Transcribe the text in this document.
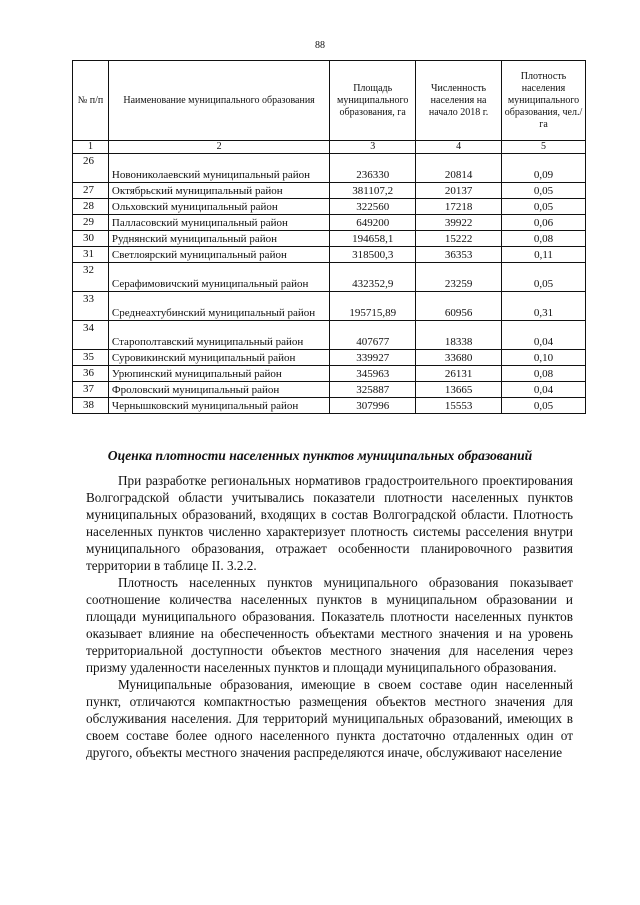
88
№ п/п	Наименование муниципального образования	Площадь муниципального образования, га	Численность населения на начало 2018 г.	Плотность населения муниципального образования, чел./га
1	2	3	4	5
26	Новониколаевский муниципальный район	236330	20814	0,09
27	Октябрьский муниципальный район	381107,2	20137	0,05
28	Ольховский муниципальный район	322560	17218	0,05
29	Палласовский муниципальный район	649200	39922	0,06
30	Руднянский муниципальный район	194658,1	15222	0,08
31	Светлоярский муниципальный район	318500,3	36353	0,11
32	Серафимовичский муниципальный район	432352,9	23259	0,05
33	Среднеахтубинский муниципальный район	195715,89	60956	0,31
34	Старополтавский муниципальный район	407677	18338	0,04
35	Суровикинский муниципальный район	339927	33680	0,10
36	Урюпинский муниципальный район	345963	26131	0,08
37	Фроловский муниципальный район	325887	13665	0,04
38	Чернышковский муниципальный район	307996	15553	0,05
Оценка плотности населенных пунктов муниципальных образований

При разработке региональных нормативов градостроительного проектирования Волгоградской области учитывались показатели плотности населенных пунктов муниципальных образований, входящих в состав Волгоградской области. Плотность населенных пунктов численно характеризует плотность системы расселения внутри муниципального образования, отражает особенности планировочного развития территории в таблице II. 3.2.2.

Плотность населенных пунктов муниципального образования показывает соотношение количества населенных пунктов в муниципальном образовании и площади муниципального образования. Показатель плотности населенных пунктов оказывает влияние на обеспеченность объектами местного значения и на уровень территориальной доступности объектов местного значения для населения через призму удаленности населенных пунктов и площади муниципального образования.

Муниципальные образования, имеющие в своем составе один населенный пункт, отличаются компактностью размещения объектов местного значения для обслуживания населения. Для территорий муниципальных образований, имеющих в своем составе более одного населенного пункта достаточно отдаленных один от другого, объекты местного значения распределяются иначе, обслуживают население
